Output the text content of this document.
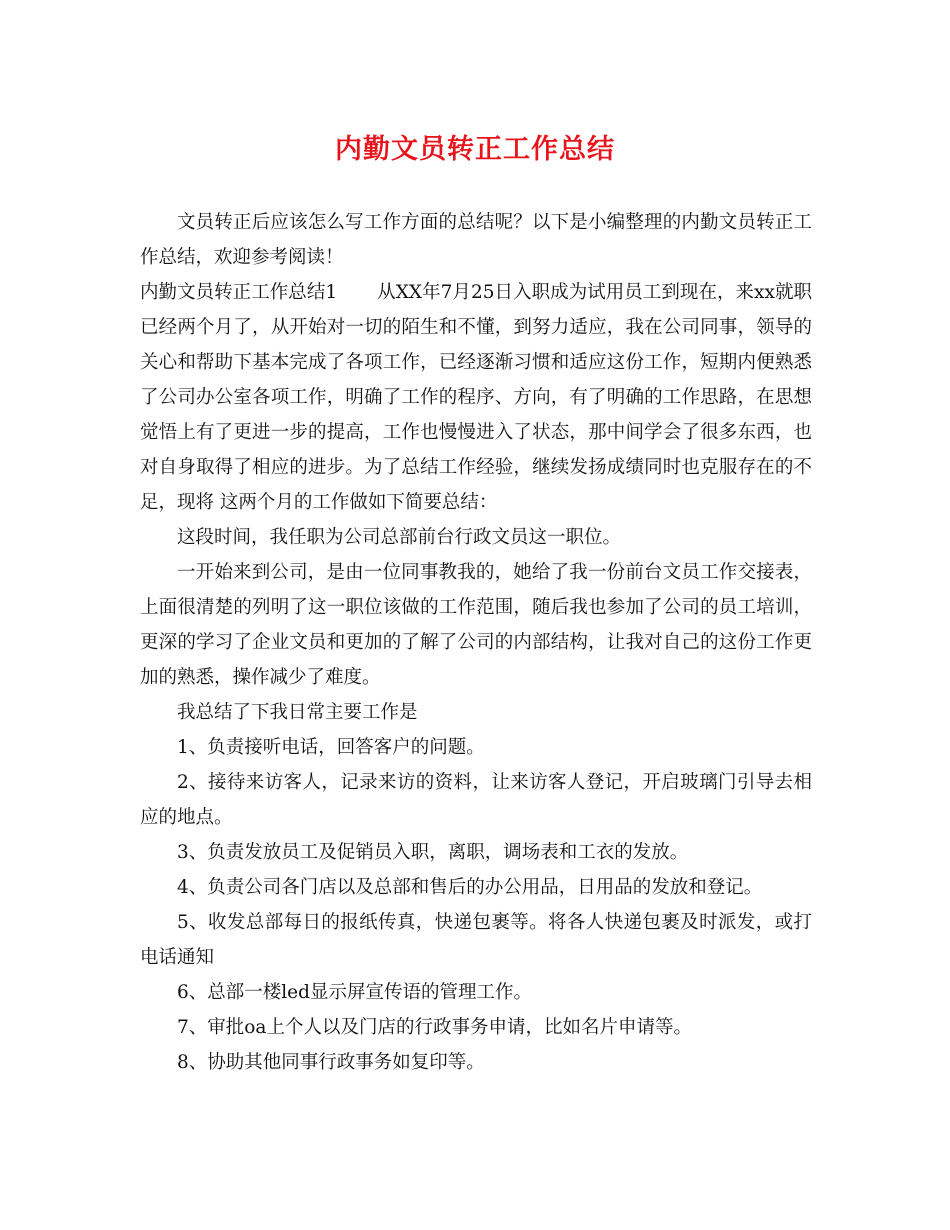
内勤文员转正工作总结

文员转正后应该怎么写工作方面的总结呢？以下是小编整理的内勤文员转正工作总结，欢迎参考阅读！

内勤文员转正工作总结1 从XX年7月25日入职成为试用员工到现在，来xx就职已经两个月了，从开始对一切的陌生和不懂，到努力适应，我在公司同事，领导的关心和帮助下基本完成了各项工作，已经逐渐习惯和适应这份工作，短期内便熟悉了公司办公室各项工作，明确了工作的程序、方向，有了明确的工作思路，在思想觉悟上有了更进一步的提高，工作也慢慢进入了状态，那中间学会了很多东西，也对自身取得了相应的进步。为了总结工作经验，继续发扬成绩同时也克服存在的不足，现将 这两个月的工作做如下简要总结：

这段时间，我任职为公司总部前台行政文员这一职位。

一开始来到公司，是由一位同事教我的，她给了我一份前台文员工作交接表，上面很清楚的列明了这一职位该做的工作范围，随后我也参加了公司的员工培训，更深的学习了企业文员和更加的了解了公司的内部结构，让我对自己的这份工作更加的熟悉，操作减少了难度。

我总结了下我日常主要工作是

1、负责接听电话，回答客户的问题。

2、接待来访客人，记录来访的资料，让来访客人登记，开启玻璃门引导去相应的地点。

3、负责发放员工及促销员入职，离职，调场表和工衣的发放。

4、负责公司各门店以及总部和售后的办公用品，日用品的发放和登记。

5、收发总部每日的报纸传真，快递包裹等。将各人快递包裹及时派发，或打电话通知

6、总部一楼led显示屏宣传语的管理工作。

7、审批oa上个人以及门店的行政事务申请，比如名片申请等。

8、协助其他同事行政事务如复印等。
